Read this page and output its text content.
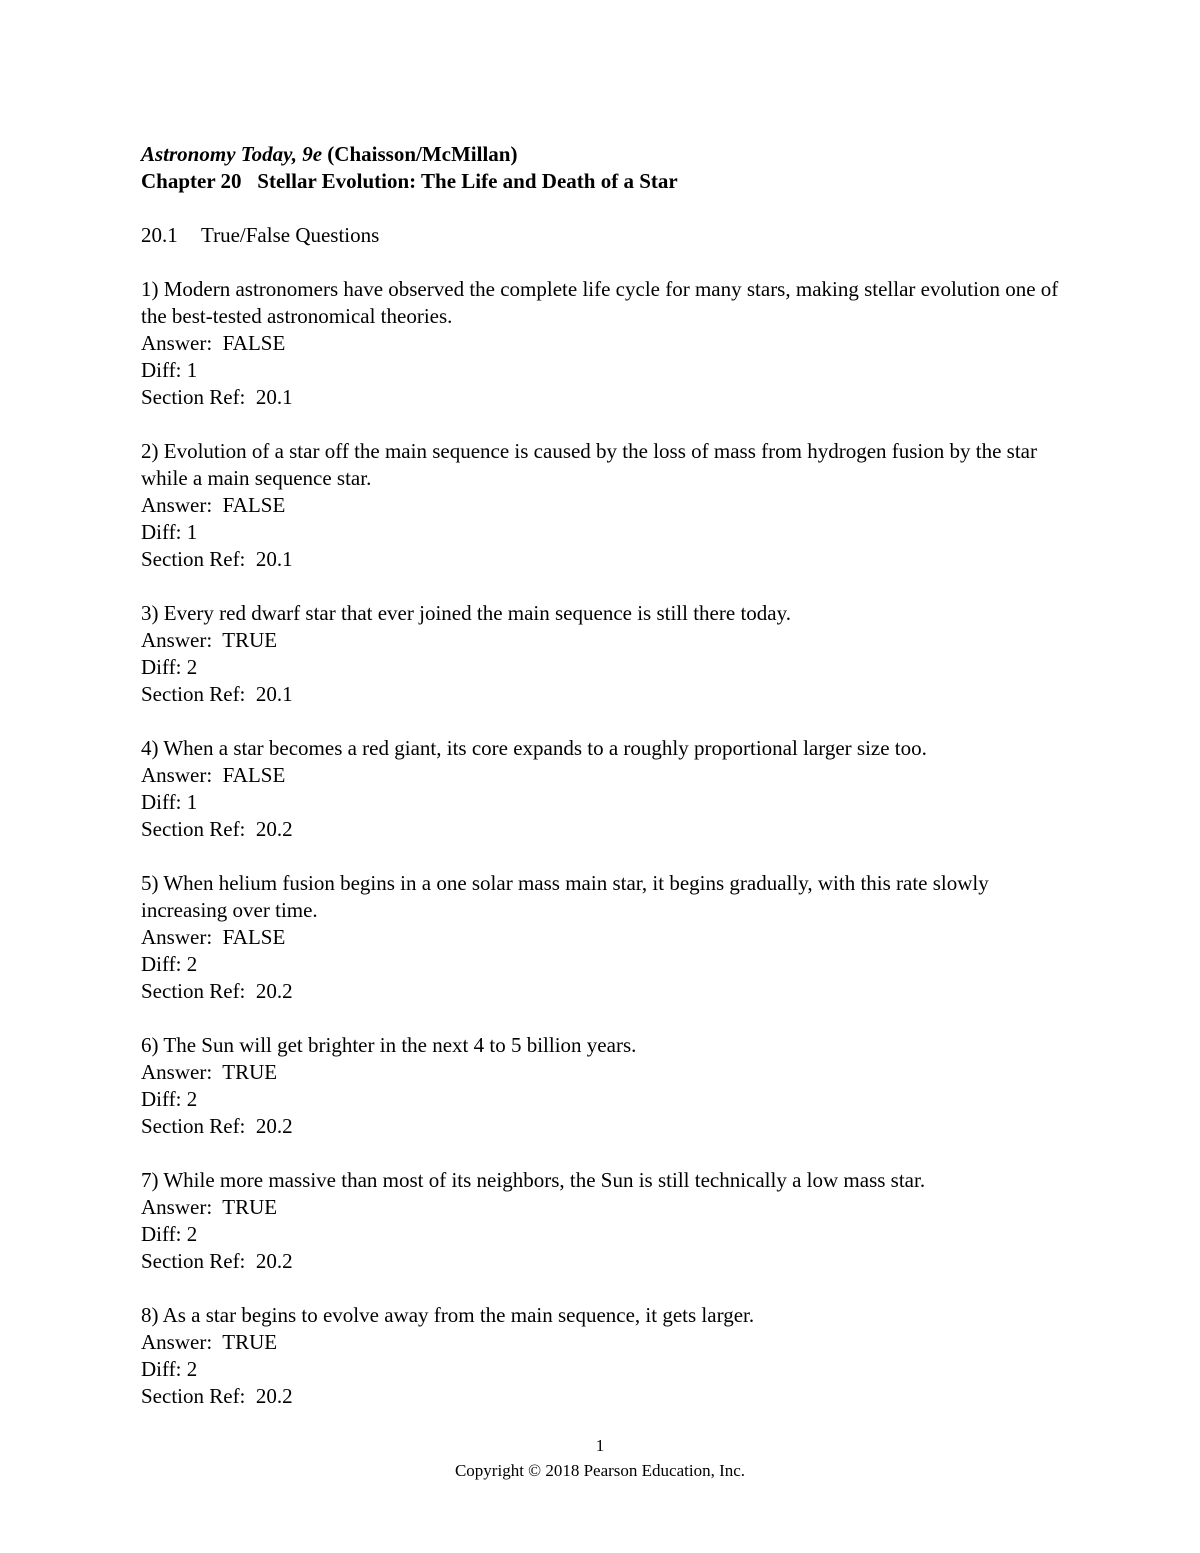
Astronomy Today, 9e (Chaisson/McMillan)
Chapter 20   Stellar Evolution: The Life and Death of a Star
20.1 True/False Questions
1) Modern astronomers have observed the complete life cycle for many stars, making stellar evolution one of the best-tested astronomical theories.
Answer: FALSE
Diff: 1
Section Ref: 20.1
2) Evolution of a star off the main sequence is caused by the loss of mass from hydrogen fusion by the star while a main sequence star.
Answer: FALSE
Diff: 1
Section Ref: 20.1
3) Every red dwarf star that ever joined the main sequence is still there today.
Answer: TRUE
Diff: 2
Section Ref: 20.1
4) When a star becomes a red giant, its core expands to a roughly proportional larger size too.
Answer: FALSE
Diff: 1
Section Ref: 20.2
5) When helium fusion begins in a one solar mass main star, it begins gradually, with this rate slowly increasing over time.
Answer: FALSE
Diff: 2
Section Ref: 20.2
6) The Sun will get brighter in the next 4 to 5 billion years.
Answer: TRUE
Diff: 2
Section Ref: 20.2
7) While more massive than most of its neighbors, the Sun is still technically a low mass star.
Answer: TRUE
Diff: 2
Section Ref: 20.2
8) As a star begins to evolve away from the main sequence, it gets larger.
Answer: TRUE
Diff: 2
Section Ref: 20.2
1
Copyright © 2018 Pearson Education, Inc.
